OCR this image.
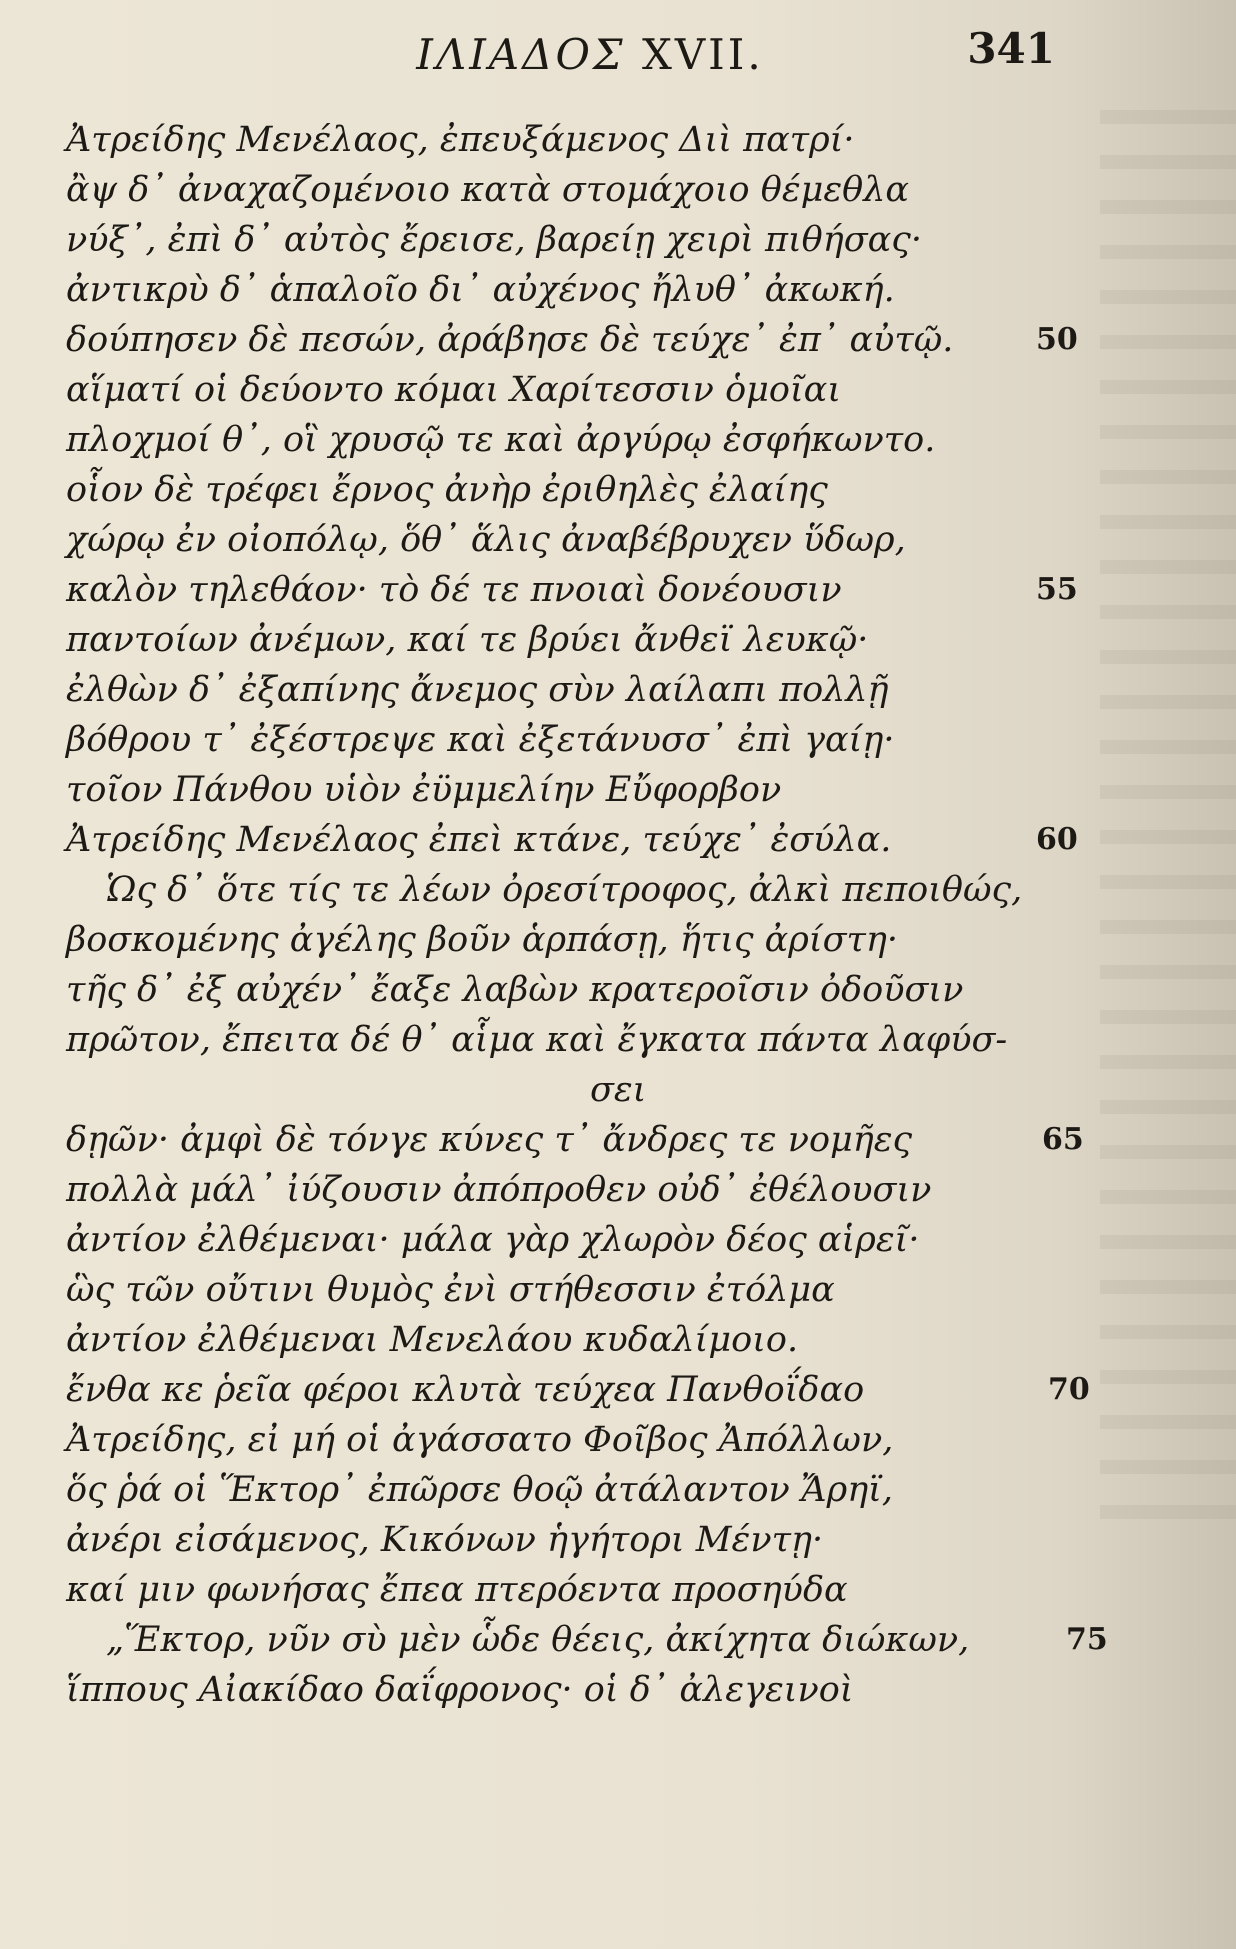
ΙΛΙΑΔΟΣ XVII.	341
Ἀτρείδης Μενέλαος, ἐπευξάμενος Διὶ πατρί·
ἂψ δ᾽ ἀναχαζομένοιο κατὰ στομάχοιο θέμεθλα
νύξ᾽, ἐπὶ δ᾽ αὐτὸς ἔρεισε, βαρείῃ χειρὶ πιθήσας·
ἀντικρὺ δ᾽ ἁπαλοῖο δι᾽ αὐχένος ἤλυθ᾽ ἀκωκή.
δούπησεν δὲ πεσών, ἀράβησε δὲ τεύχε᾽ ἐπ᾽ αὐτῷ.
αἵματί οἱ δεύοντο κόμαι Χαρίτεσσιν ὁμοῖαι
πλοχμοί θ᾽, οἳ χρυσῷ τε καὶ ἀργύρῳ ἐσφήκωντο.
οἷον δὲ τρέφει ἔρνος ἀνὴρ ἐριθηλὲς ἐλαίης
χώρῳ ἐν οἰοπόλῳ, ὅθ᾽ ἅλις ἀναβέβρυχεν ὕδωρ,
καλὸν τηλεθάον· τὸ δέ τε πνοιαὶ δονέουσιν
παντοίων ἀνέμων, καί τε βρύει ἄνθεϊ λευκῷ·
ἐλθὼν δ᾽ ἐξαπίνης ἄνεμος σὺν λαίλαπι πολλῇ
βόθρου τ᾽ ἐξέστρεψε καὶ ἐξετάνυσσ᾽ ἐπὶ γαίῃ·
τοῖον Πάνθου υἱὸν ἐϋμμελίην Εὔφορβον
Ἀτρείδης Μενέλαος ἐπεὶ κτάνε, τεύχε᾽ ἐσύλα.
Ὡς δ᾽ ὅτε τίς τε λέων ὀρεσίτροφος, ἀλκὶ πεποιθώς,
βοσκομένης ἀγέλης βοῦν ἁρπάσῃ, ἥτις ἀρίστη·
τῆς δ᾽ ἐξ αὐχέν᾽ ἔαξε λαβὼν κρατεροῖσιν ὀδοῦσιν
πρῶτον, ἔπειτα δέ θ᾽ αἷμα καὶ ἔγκατα πάντα λαφύσ-
σει
δῃῶν· ἀμφὶ δὲ τόνγε κύνες τ᾽ ἄνδρες τε νομῆες
πολλὰ μάλ᾽ ἰύζουσιν ἀπόπροθεν οὐδ᾽ ἐθέλουσιν
ἀντίον ἐλθέμεναι· μάλα γὰρ χλωρὸν δέος αἱρεῖ·
ὣς τῶν οὔτινι θυμὸς ἐνὶ στήθεσσιν ἐτόλμα
ἀντίον ἐλθέμεναι Μενελάου κυδαλίμοιο.
ἔνθα κε ῥεῖα φέροι κλυτὰ τεύχεα Πανθοΐδαο
Ἀτρείδης, εἰ μή οἱ ἀγάσσατο Φοῖβος Ἀπόλλων,
ὅς ῥά οἱ Ἕκτορ᾽ ἐπῶρσε θοῷ ἀτάλαντον Ἄρηϊ,
ἀνέρι εἰσάμενος, Κικόνων ἡγήτορι Μέντῃ·
καί μιν φωνήσας ἔπεα πτερόεντα προσηύδα
„Ἕκτορ, νῦν σὺ μὲν ὧδε θέεις, ἀκίχητα διώκων,
ἵππους Αἰακίδαο δαΐφρονος· οἱ δ᾽ ἀλεγεινοὶ
50
55
60
65
70
75
